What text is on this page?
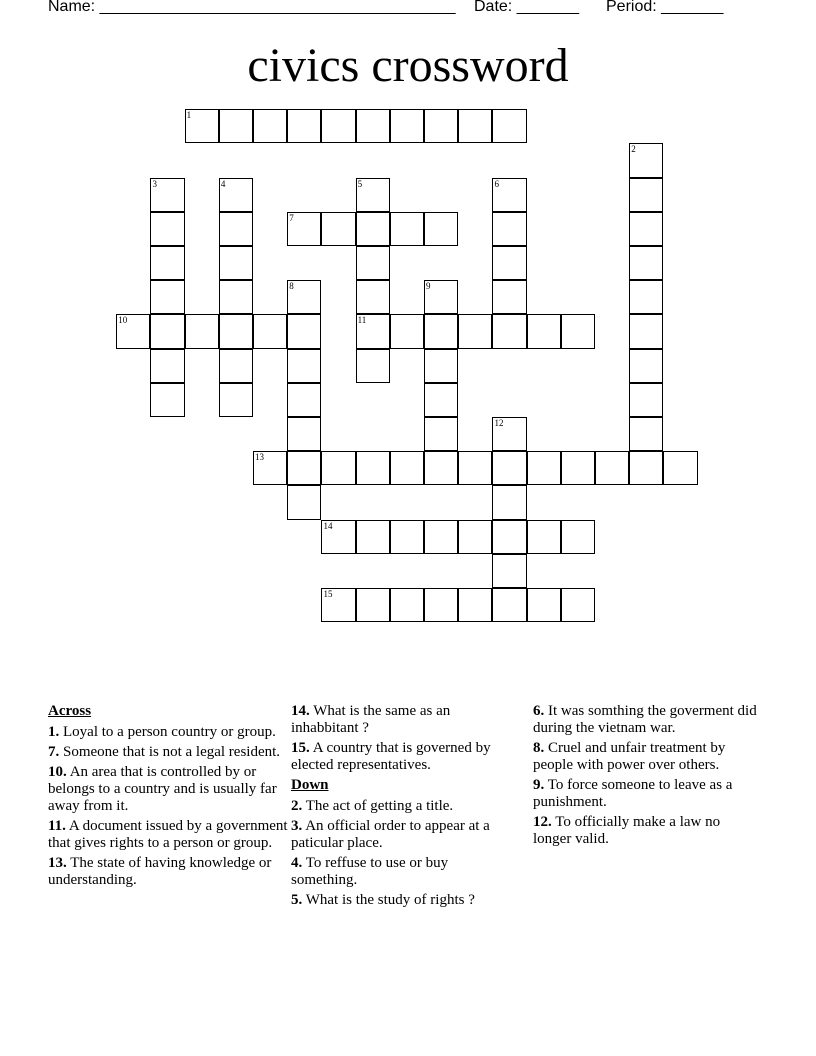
Name: ________________________________________

Date: _______

Period: _______

civics crossword
1
2
3	4	5
11
6
7
8	9
10
12
13
14
15
Across
1. Loyal to a person country or group.
7. Someone that is not a legal resident.
10. An area that is controlled by or belongs to a country and is usually far away from it.
11. A document issued by a government that gives rights to a person or group.
13. The state of having knowledge or understanding.
14. What is the same as an inhabbitant ?
15. A country that is governed by elected representatives.
Down
2. The act of getting a title.
3. An official order to appear at a paticular place.
4. To reffuse to use or buy something.
5. What is the study of rights ?
6. It was somthing the goverment did during the vietnam war.
8. Cruel and unfair treatment by people with power over others.
9. To force someone to leave as a punishment.
12. To officially make a law no longer valid.
